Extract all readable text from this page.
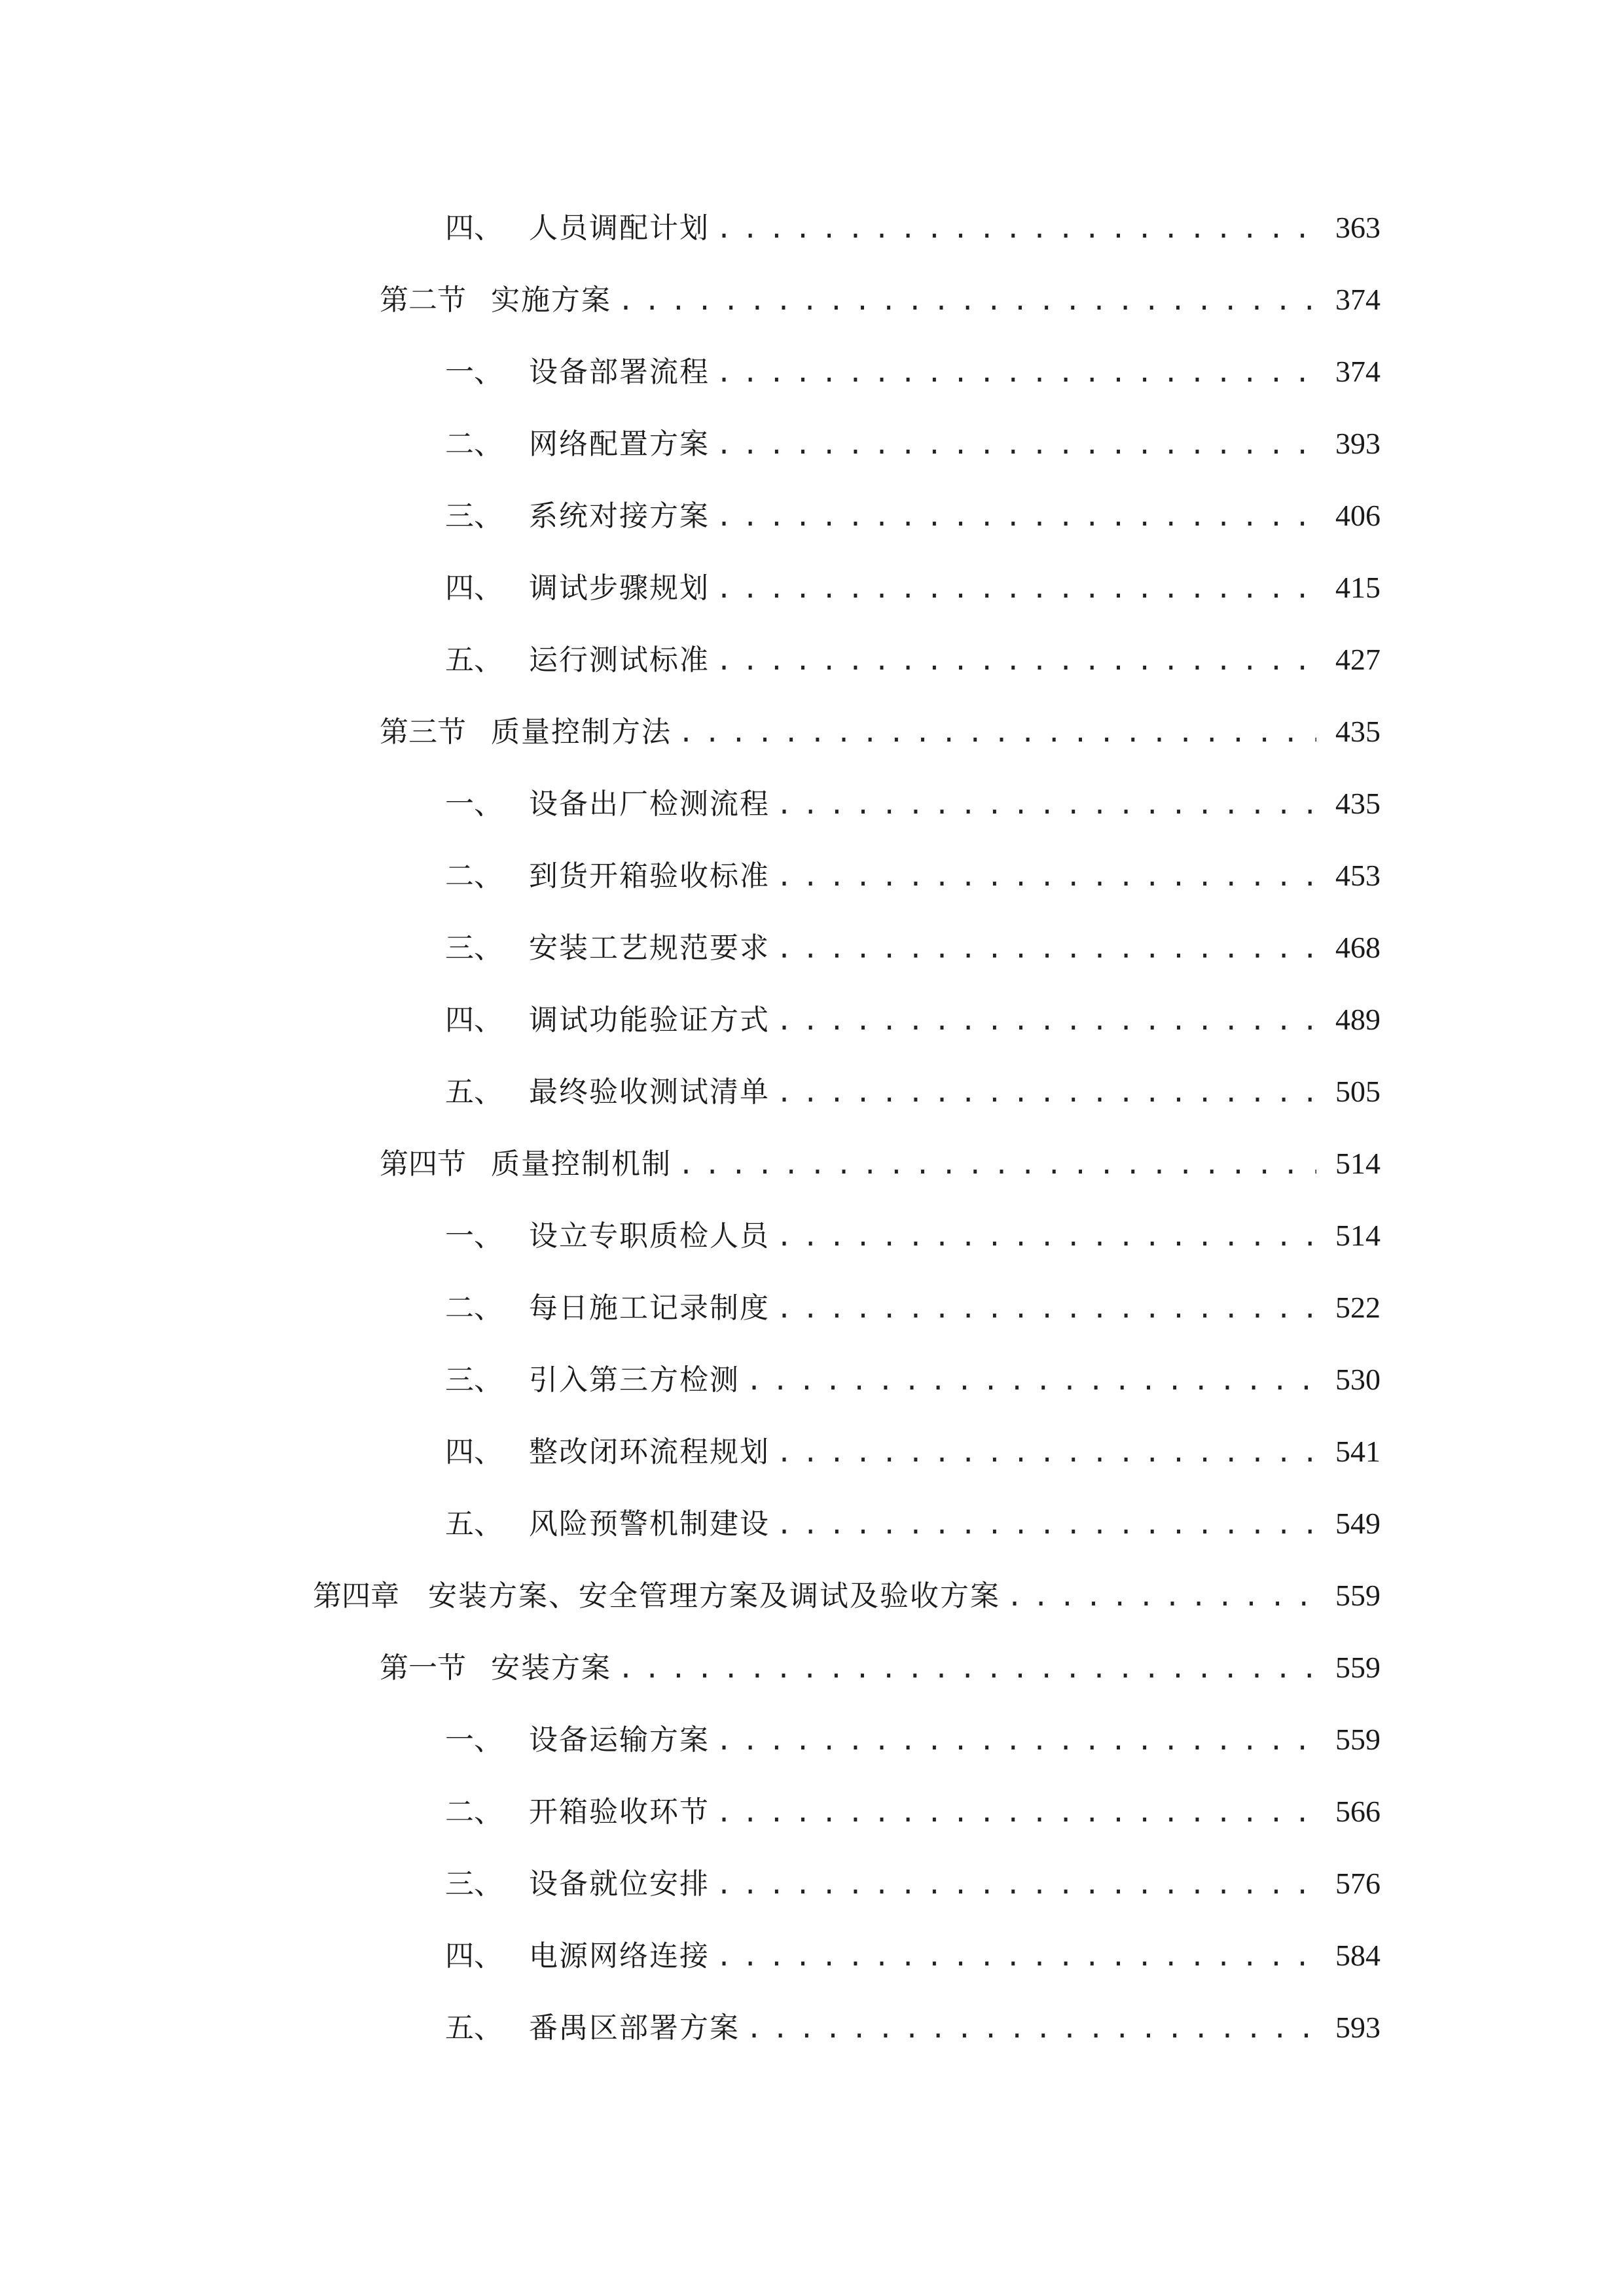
四、 人员调配计划 . . .	363
第二节 实施方案 . . .	374
一、 设备部署流程 . . .	374
二、 网络配置方案 . . .	393
三、 系统对接方案 . . .	406
四、 调试步骤规划 . . .	415
五、 运行测试标准 . . .	427
第三节 质量控制方法 . . .	435
一、 设备出厂检测流程 . . .	435
二、 到货开箱验收标准 . . .	453
三、 安装工艺规范要求 . . .	468
四、 调试功能验证方式 . . .	489
五、 最终验收测试清单 . . .	505
第四节 质量控制机制 . . .	514
一、 设立专职质检人员 . . .	514
二、 每日施工记录制度 . . .	522
三、 引入第三方检测 . . .	530
四、 整改闭环流程规划 . . .	541
五、 风险预警机制建设 . . .	549
第四章	安装方案、安全管理方案及调试及验收方案 . . .	559
第一节 安装方案 . . .	559
一、 设备运输方案 . . .	559
二、 开箱验收环节 . . .	566
三、 设备就位安排 . . .	576
四、 电源网络连接 . . .	584
五、 番禺区部署方案 . . .	593
